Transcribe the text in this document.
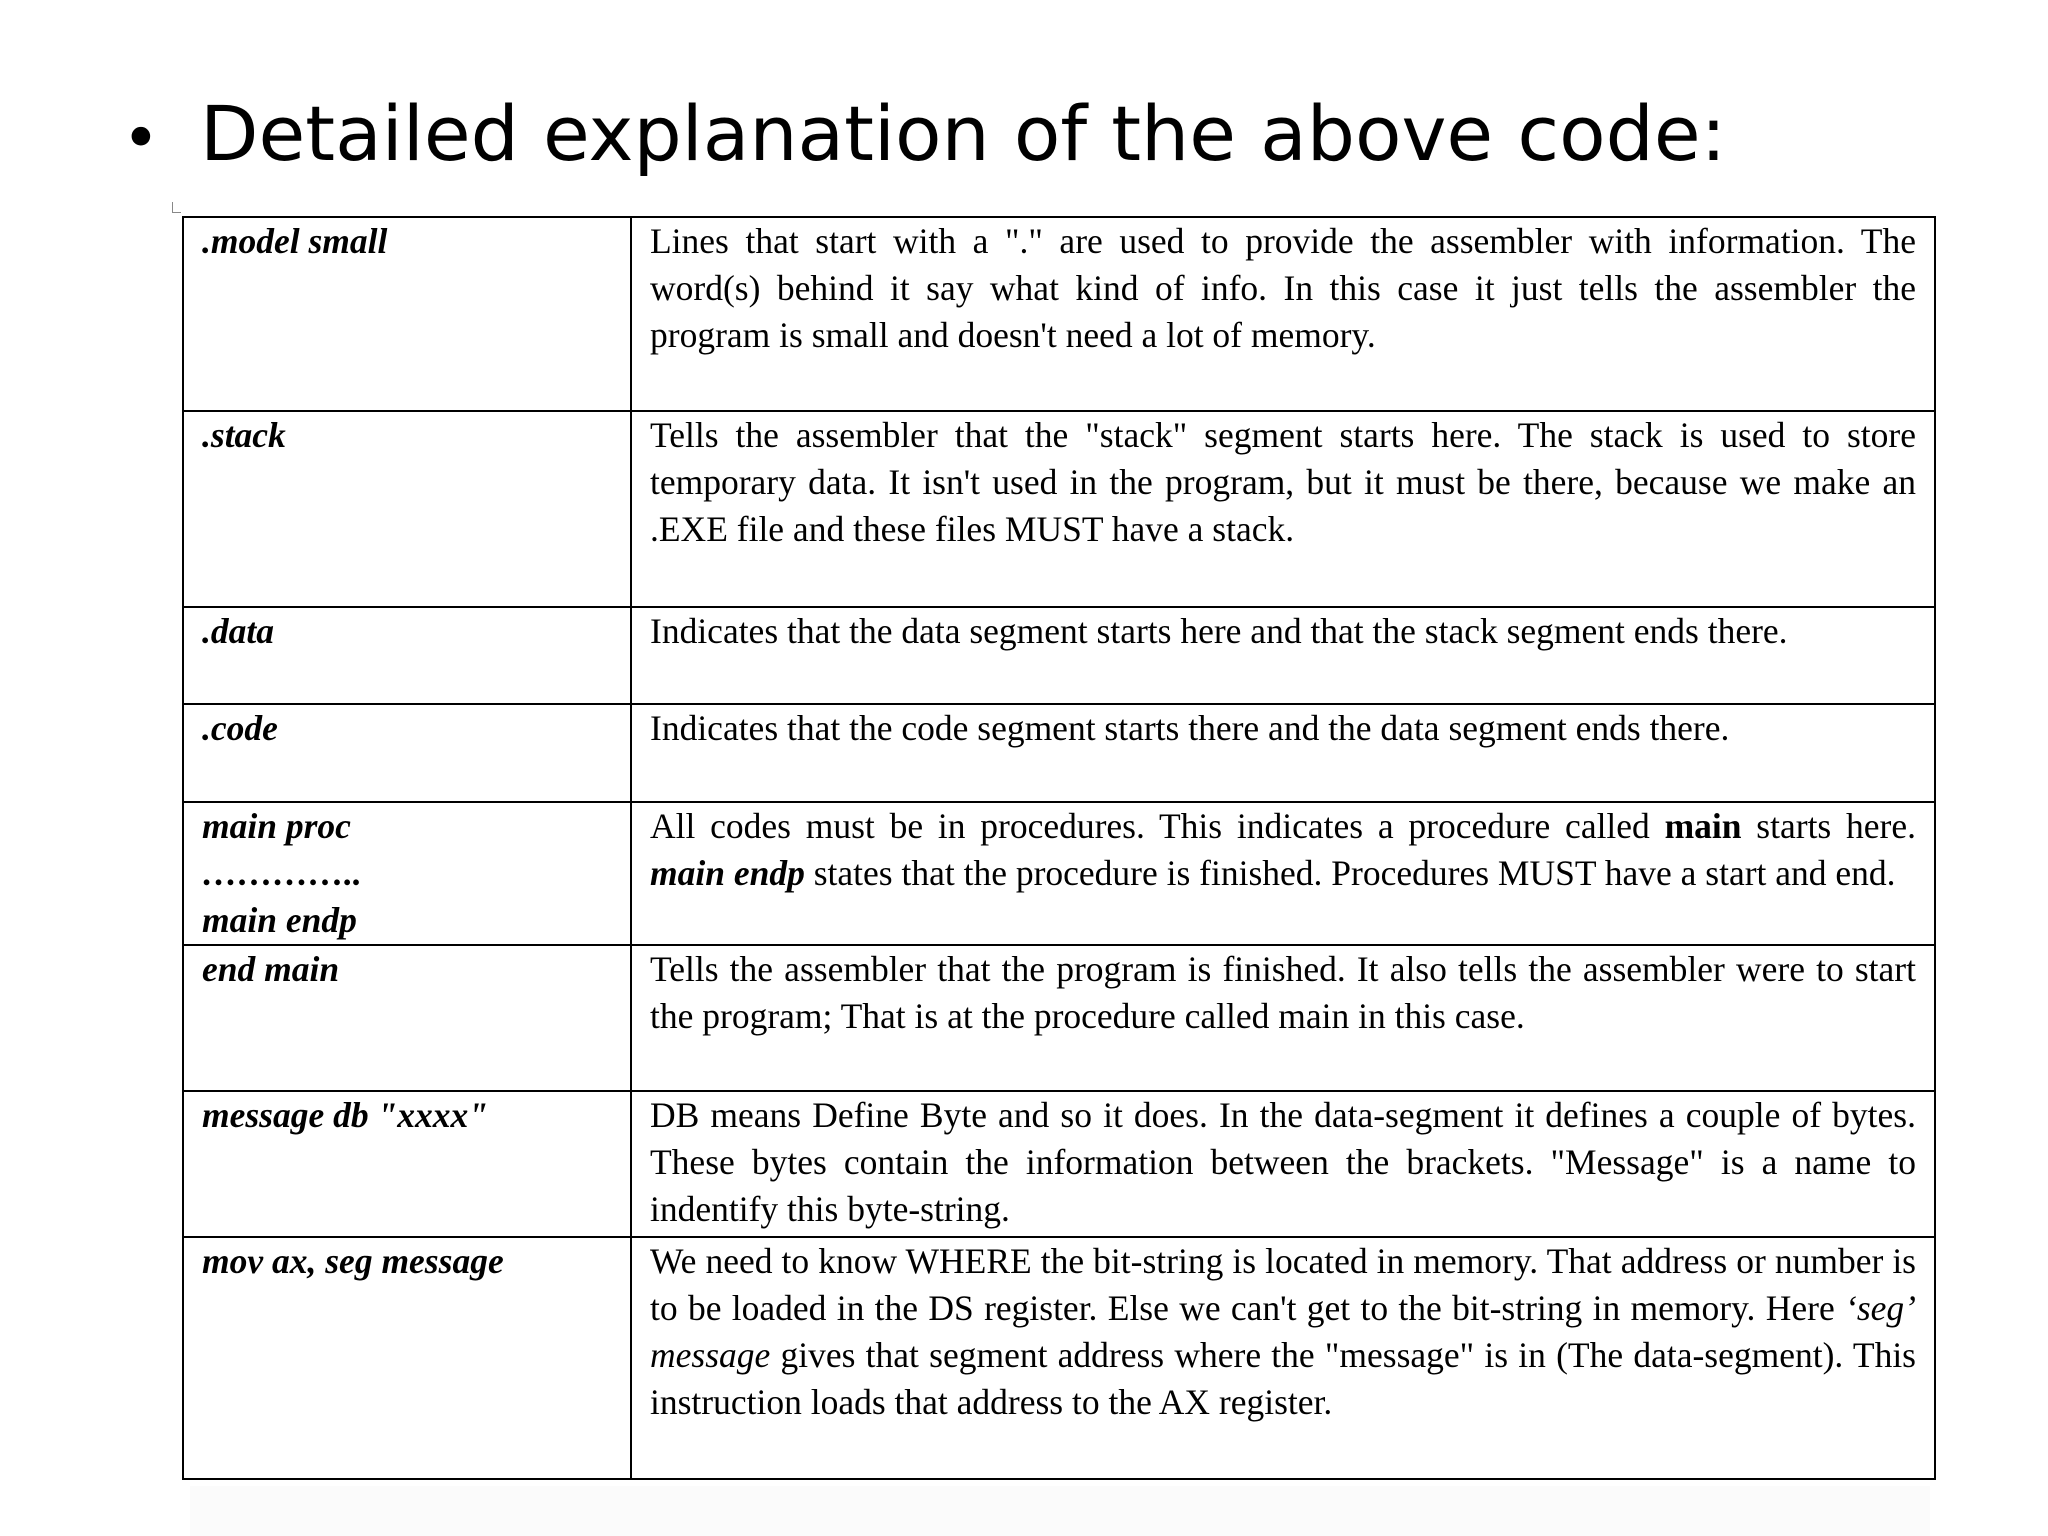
• Detailed explanation of the above code:
.model small	Lines that start with a "." are used to provide the assembler with information. The word(s) behind it say what kind of info. In this case it just tells the assembler the program is small and doesn't need a lot of memory.
.stack	Tells the assembler that the "stack" segment starts here. The stack is used to store temporary data. It isn't used in the program, but it must be there, because we make an .EXE file and these files MUST have a stack.
.data	Indicates that the data segment starts here and that the stack segment ends there.
.code	Indicates that the code segment starts there and the data segment ends there.
main proc
…………..
main endp	All codes must be in procedures. This indicates a procedure called main starts here. main endp states that the procedure is finished. Procedures MUST have a start and end.
end main	Tells the assembler that the program is finished. It also tells the assembler were to start the program; That is at the procedure called main in this case.
message db "xxxx"	DB means Define Byte and so it does. In the data-segment it defines a couple of bytes. These bytes contain the information between the brackets. "Message" is a name to indentify this byte-string.
mov ax, seg message	We need to know WHERE the bit-string is located in memory. That address or number is to be loaded in the DS register. Else we can't get to the bit-string in memory. Here ‘seg’ message gives that segment address where the "message" is in (The data-segment). This instruction loads that address to the AX register.
